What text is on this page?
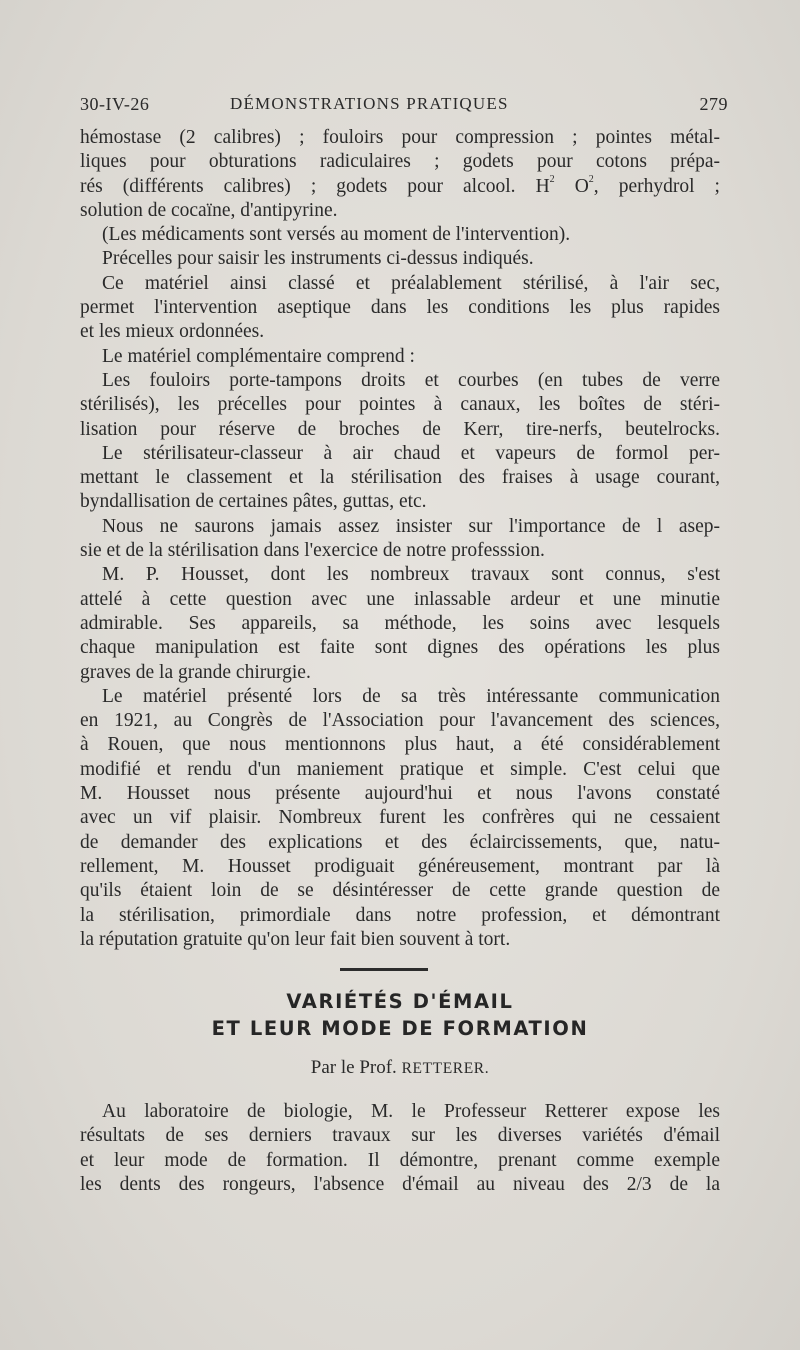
30-IV-26	DÉMONSTRATIONS PRATIQUES	279
hémostase (2 calibres) ; fouloirs pour compression ; pointes métal-
liques pour obturations radiculaires ; godets pour cotons prépa-
rés (différents calibres) ; godets pour alcool. $H^2$ $O^2$, perhydrol ;
solution de cocaïne, d'antipyrine.
(Les médicaments sont versés au moment de l'intervention).
Précelles pour saisir les instruments ci-dessus indiqués.
Ce matériel ainsi classé et préalablement stérilisé, à l'air sec,
permet l'intervention aseptique dans les conditions les plus rapides
et les mieux ordonnées.
Le matériel complémentaire comprend :
Les fouloirs porte-tampons droits et courbes (en tubes de verre
stérilisés), les précelles pour pointes à canaux, les boîtes de stéri-
lisation pour réserve de broches de Kerr, tire-nerfs, beutelrocks.
Le stérilisateur-classeur à air chaud et vapeurs de formol per-
mettant le classement et la stérilisation des fraises à usage courant,
byndallisation de certaines pâtes, guttas, etc.
Nous ne saurons jamais assez insister sur l'importance de l asep-
sie et de la stérilisation dans l'exercice de notre professsion.
M. P. Housset, dont les nombreux travaux sont connus, s'est
attelé à cette question avec une inlassable ardeur et une minutie
admirable. Ses appareils, sa méthode, les soins avec lesquels
chaque manipulation est faite sont dignes des opérations les plus
graves de la grande chirurgie.
Le matériel présenté lors de sa très intéressante communication
en 1921, au Congrès de l'Association pour l'avancement des sciences,
à Rouen, que nous mentionnons plus haut, a été considérablement
modifié et rendu d'un maniement pratique et simple. C'est celui que
M. Housset nous présente aujourd'hui et nous l'avons constaté
avec un vif plaisir. Nombreux furent les confrères qui ne cessaient
de demander des explications et des éclaircissements, que, natu-
rellement, M. Housset prodiguait généreusement, montrant par là
qu'ils étaient loin de se désintéresser de cette grande question de
la stérilisation, primordiale dans notre profession, et démontrant
la réputation gratuite qu'on leur fait bien souvent à tort.
VARIÉTÉS D'ÉMAIL
ET LEUR MODE DE FORMATION
Par le Prof. RETTERER.
Au laboratoire de biologie, M. le Professeur Retterer expose les
résultats de ses derniers travaux sur les diverses variétés d'émail
et leur mode de formation. Il démontre, prenant comme exemple
les dents des rongeurs, l'absence d'émail au niveau des 2/3 de la
